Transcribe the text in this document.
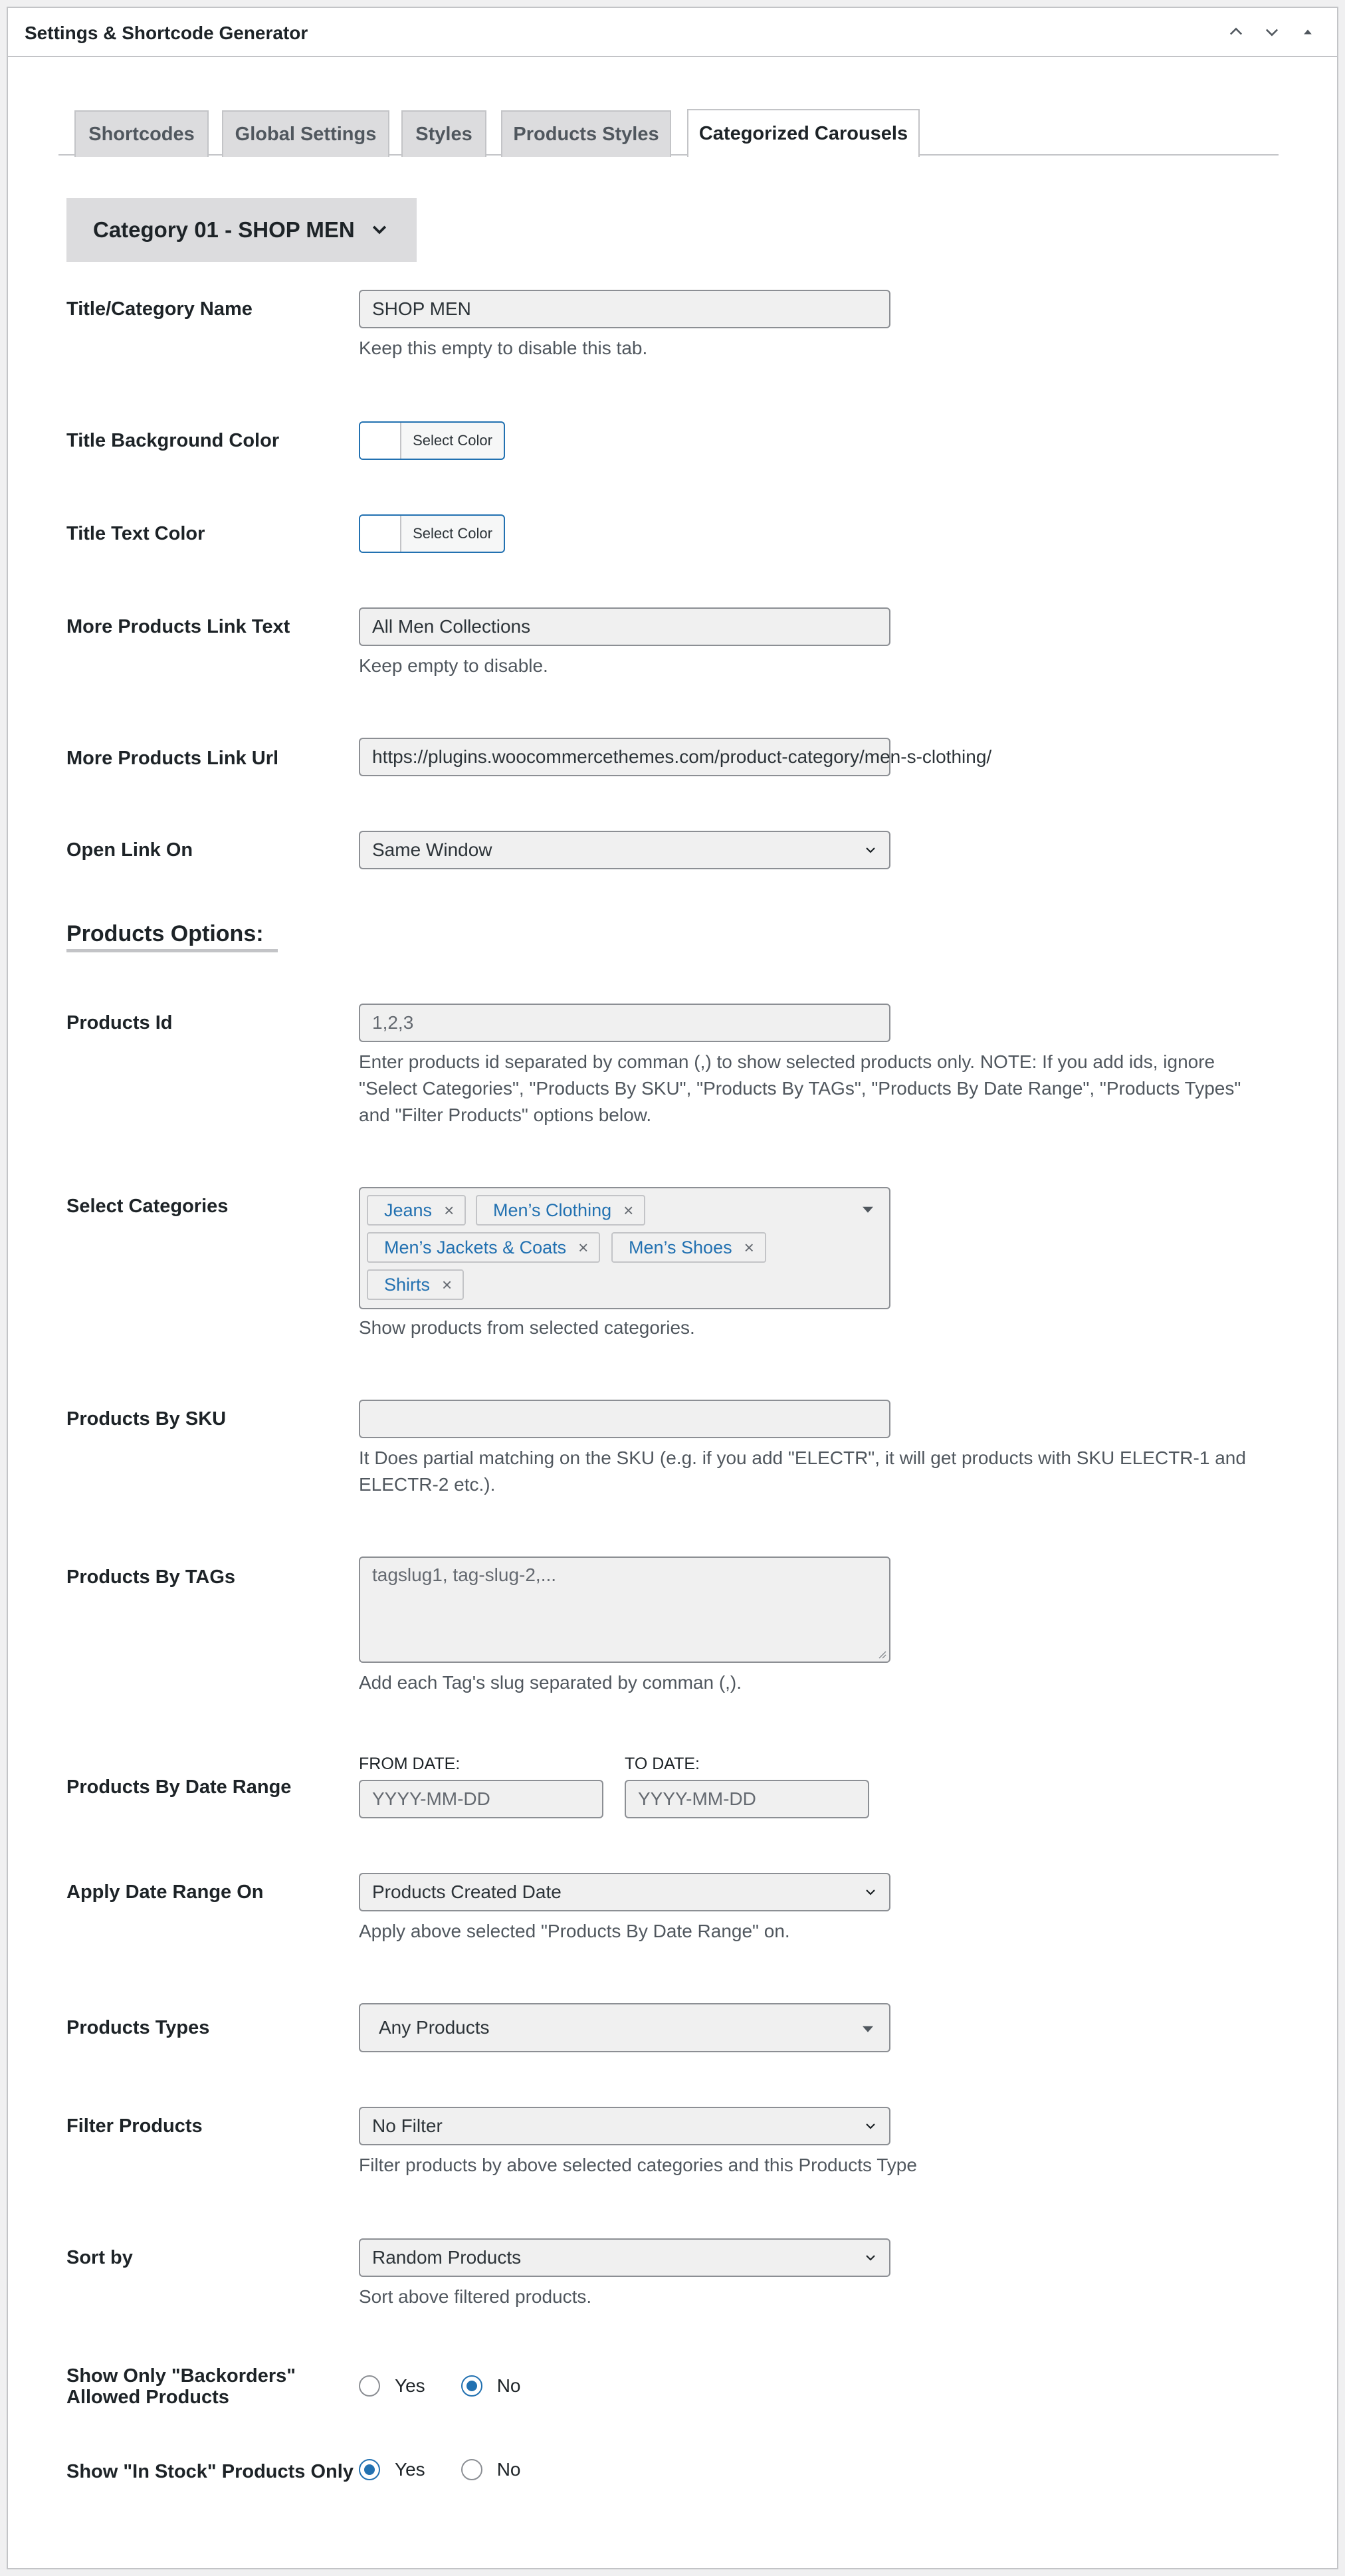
Settings & Shortcode Generator
Shortcodes	Global Settings	Styles	Products Styles	Categorized Carousels
Category 01 - SHOP MEN
Title/Category Name	SHOP MEN
Keep this empty to disable this tab.
Title Background Color	Select Color
Title Text Color	Select Color
More Products Link Text	All Men Collections
Keep empty to disable.
More Products Link Url	https://plugins.woocommercethemes.com/product-category/men-s-clothing/
Open Link On	Same Window
Products Options:
Products Id	1,2,3
Enter products id separated by comman (,) to show selected products only. NOTE: If you add ids, ignore
"Select Categories", "Products By SKU", "Products By TAGs", "Products By Date Range", "Products Types"
and "Filter Products" options below.
Select Categories	Jeans × Men’s Clothing ×
Men’s Jackets & Coats × Men’s Shoes ×
Shirts ×
Show products from selected categories.
Products By SKU
It Does partial matching on the SKU (e.g. if you add "ELECTR", it will get products with SKU ELECTR-1 and
ELECTR-2 etc.).
Products By TAGs	tagslug1, tag-slug-2,...
Add each Tag's slug separated by comman (,).
Products By Date Range
FROM DATE:	TO DATE:
YYYY-MM-DD	YYYY-MM-DD
Apply Date Range On	Products Created Date
Apply above selected "Products By Date Range" on.
Products Types	Any Products
Filter Products	No Filter
Filter products by above selected categories and this Products Type
Sort by	Random Products
Sort above filtered products.
Show Only "Backorders"
Allowed Products
Yes	No
Show "In Stock" Products Only Yes	No
